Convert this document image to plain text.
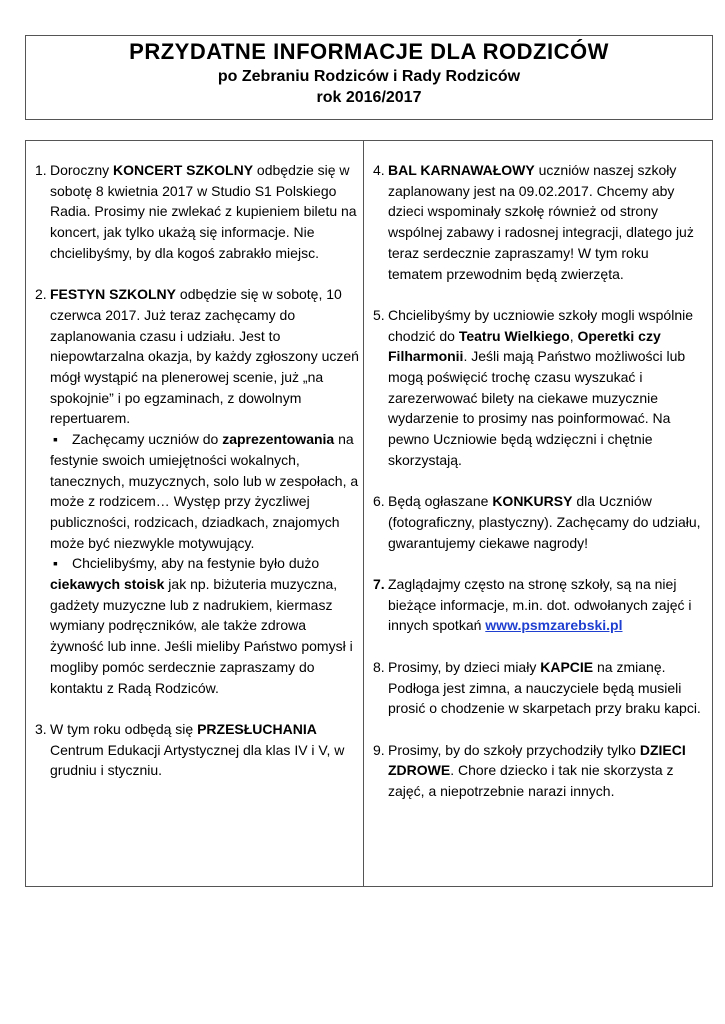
PRZYDATNE INFORMACJE DLA RODZICÓW
po Zebraniu Rodziców i Rady Rodziców
rok 2016/2017
1. Doroczny KONCERT SZKOLNY odbędzie się w sobotę 8 kwietnia 2017 w Studio S1 Polskiego Radia. Prosimy nie zwlekać z kupieniem biletu na koncert, jak tylko ukażą się informacje. Nie chcielibyśmy, by dla kogoś zabrakło miejsc.
2. FESTYN SZKOLNY odbędzie się w sobotę, 10 czerwca 2017. Już teraz zachęcamy do zaplanowania czasu i udziału. Jest to niepowtarzalna okazja, by każdy zgłoszony uczeń mógł wystąpić na plenerowej scenie, już „na spokojnie” i po egzaminach, z dowolnym repertuarem.
▪ Zachęcamy uczniów do zaprezentowania na festynie swoich umiejętności wokalnych, tanecznych, muzycznych, solo lub w zespołach, a może z rodzicem… Występ przy życzliwej publiczności, rodzicach, dziadkach, znajomych może być niezwykle motywujący.
▪ Chcielibyśmy, aby na festynie było dużo ciekawych stoisk jak np. biżuteria muzyczna, gadżety muzyczne lub z nadrukiem, kiermasz wymiany podręczników, ale także zdrowa żywność lub inne. Jeśli mieliby Państwo pomysł i mogliby pomóc serdecznie zapraszamy do kontaktu z Radą Rodziców.
3. W tym roku odbędą się PRZESŁUCHANIA Centrum Edukacji Artystycznej dla klas IV i V, w grudniu i styczniu.
4. BAL KARNAWAŁOWY uczniów naszej szkoły zaplanowany jest na 09.02.2017. Chcemy aby dzieci wspominały szkołę również od strony wspólnej zabawy i radosnej integracji, dlatego już teraz serdecznie zapraszamy! W tym roku tematem przewodnim będą zwierzęta.
5. Chcielibyśmy by uczniowie szkoły mogli wspólnie chodzić do Teatru Wielkiego, Operetki czy Filharmonii. Jeśli mają Państwo możliwości lub mogą poświęcić trochę czasu wyszukać i zarezerwować bilety na ciekawe muzycznie wydarzenie to prosimy nas poinformować. Na pewno Uczniowie będą wdzięczni i chętnie skorzystają.
6. Będą ogłaszane KONKURSY dla Uczniów (fotograficzny, plastyczny). Zachęcamy do udziału, gwarantujemy ciekawe nagrody!
7. Zaglądajmy często na stronę szkoły, są na niej bieżące informacje, m.in. dot. odwołanych zajęć i innych spotkań www.psmzarebski.pl
8. Prosimy, by dzieci miały KAPCIE na zmianę. Podłoga jest zimna, a nauczyciele będą musieli prosić o chodzenie w skarpetach przy braku kapci.
9. Prosimy, by do szkoły przychodziły tylko DZIECI ZDROWE. Chore dziecko i tak nie skorzysta z zajęć, a niepotrzebnie narazi innych.
